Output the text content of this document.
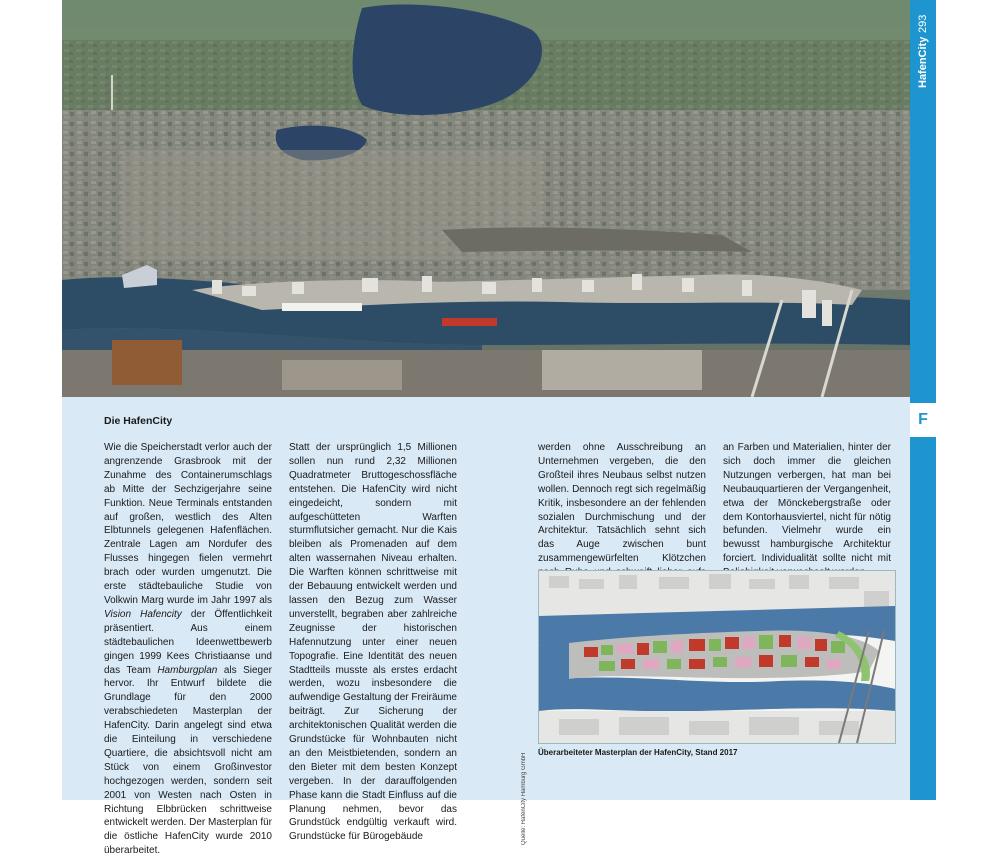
HafenCity
293
F
Die HafenCity
Wie die Speicherstadt verlor auch der angrenzende Grasbrook mit der Zunahme des Containerumschlags ab Mitte der Sechzigerjahre seine Funktion. Neue Terminals entstanden auf großen, westlich des Alten Elbtunnels gelegenen Hafenflächen. Zentrale Lagen am Nordufer des Flusses hingegen fielen vermehrt brach oder wurden umgenutzt. Die erste städtebauliche Studie von Volkwin Marg wurde im Jahr 1997 als Vision Hafencity der Öffentlichkeit präsentiert. Aus einem städtebaulichen Ideenwettbewerb gingen 1999 Kees Christiaanse und das Team Hamburgplan als Sieger hervor. Ihr Entwurf bildete die Grundlage für den 2000 verabschiedeten Masterplan der HafenCity. Darin angelegt sind etwa die Einteilung in verschiedene Quartiere, die absichtsvoll nicht am Stück von einem Großinvestor hochgezogen werden, sondern seit 2001 von Westen nach Osten in Richtung Elbbrücken schrittweise entwickelt werden. Der Masterplan für die östliche HafenCity wurde 2010 überarbeitet.
Statt der ursprünglich 1,5 Millionen sollen nun rund 2,32 Millionen Quadratmeter Bruttogeschossfläche entstehen. Die HafenCity wird nicht eingedeicht, sondern mit aufgeschütteten Warften sturmflutsicher gemacht. Nur die Kais bleiben als Promenaden auf dem alten wassernahen Niveau erhalten. Die Warften können schrittweise mit der Bebauung entwickelt werden und lassen den Bezug zum Wasser unverstellt, begraben aber zahlreiche Zeugnisse der historischen Hafennutzung unter einer neuen Topografie. Eine Identität des neuen Stadtteils musste als erstes erdacht werden, wozu insbesondere die aufwendige Gestaltung der Freiräume beiträgt. Zur Sicherung der architektonischen Qualität werden die Grundstücke für Wohnbauten nicht an den Meistbietenden, sondern an den Bieter mit dem besten Konzept vergeben. In der darauffolgenden Phase kann die Stadt Einfluss auf die Planung nehmen, bevor das Grundstück endgültig verkauft wird. Grundstücke für Bürogebäude
werden ohne Ausschreibung an Unternehmen vergeben, die den Großteil ihres Neubaus selbst nutzen wollen. Dennoch regt sich regelmäßig Kritik, insbesondere an der fehlenden sozialen Durchmischung und der Architektur. Tatsächlich sehnt sich das Auge zwischen bunt zusammengewürfelten Klötzchen
an Farben und Materialien, hinter der sich doch immer die gleichen Nutzungen verbergen, hat man bei Neubauquartieren der Vergangenheit, etwa der Mönckebergstraße oder dem Kontorhausviertel, nicht für nötig befunden. Vielmehr wurde ein bewusst hamburgische Architektur forciert. Individualität sollte nicht mit
Quelle: HafenCity Hamburg GmbH
Überarbeiteter Masterplan der HafenCity, Stand 2017
